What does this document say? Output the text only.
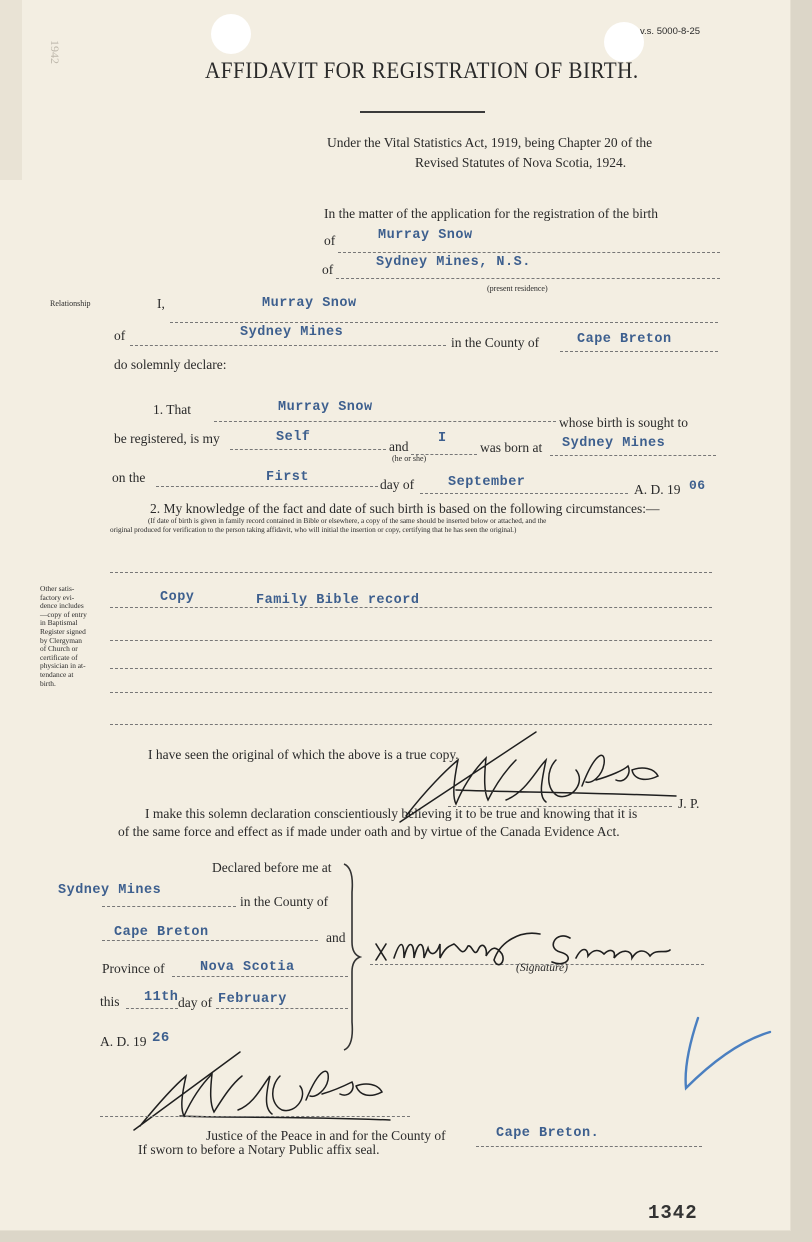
1942
v.s. 5000-8-25
AFFIDAVIT FOR REGISTRATION OF BIRTH.
Under the Vital Statistics Act, 1919, being Chapter 20 of the
Revised Statutes of Nova Scotia, 1924.
In the matter of the application for the registration of the birth
of	Murray Snow
of	Sydney Mines, N.S.
(present residence)
Relationship	I,	Murray Snow
of	Sydney Mines
in the County of	Cape Breton
do solemnly declare:
1. That	Murray Snow
whose birth is sought to
be registered, is my	Self
and
I
(he or she)
was born at Sydney Mines
on the	First	day of	September	A. D. 19 06
2. My knowledge of the fact and date of such birth is based on the following circumstances:—
(If date of birth is given in family record contained in Bible or elsewhere, a copy of the same should be inserted below or attached, and the
original produced for verification to the person taking affidavit, who will initial the insertion or copy, certifying that he has seen the original.)
Other satis-
factory evi-
dence includes
—copy of entry
in Baptismal
Register signed
by Clergyman
of Church or
certificate of
physician in at-
tendance at
birth.
Copy	Family Bible record
I have seen the original of which the above is a true copy.
J. P.
I make this solemn declaration conscientiously believing it to be true and knowing that it is
of the same force and effect as if made under oath and by virtue of the Canada Evidence Act.
Declared before me at
Sydney Mines
in the County of
Cape Breton	and
Province of	Nova Scotia
this 11th day of February
A. D. 19 26
(Signature)
Justice of the Peace in and for the County of	Cape Breton.
If sworn to before a Notary Public affix seal.
1342
